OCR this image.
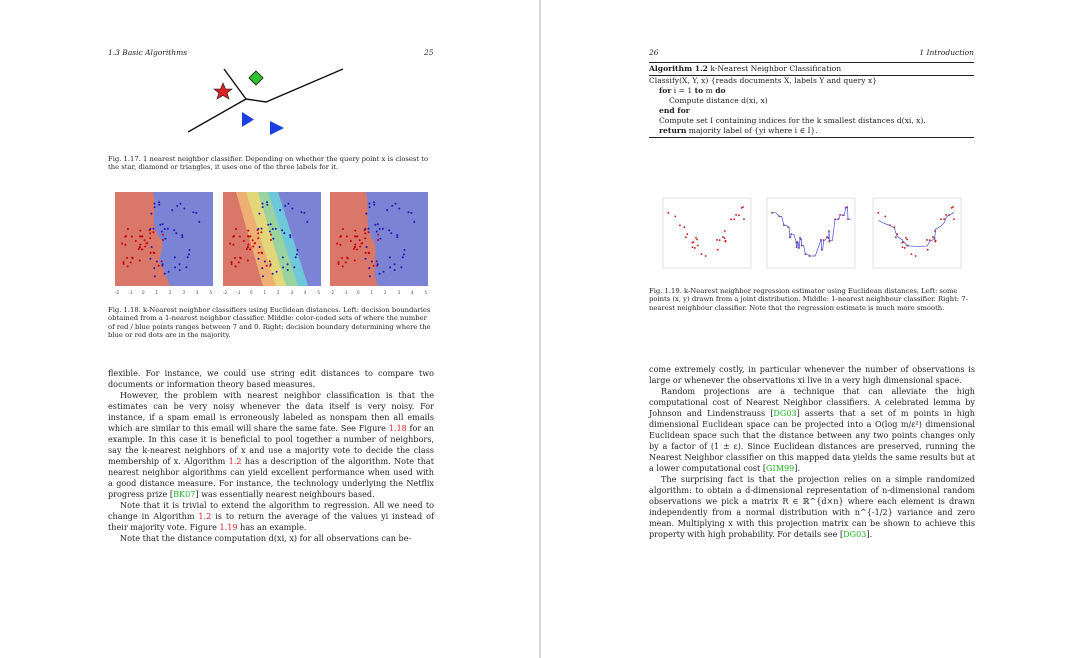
1.3 Basic Algorithms	25
Fig. 1.17. 1 nearest neighbor classifier. Depending on whether the query point x is closest to the star, diamond or triangles, it uses one of the three labels for it.
-2 -1 0	1	2	3	4	5	-2 -1 0	1	2	3	4	5 -2 -1 0	1	2	3	4	5
Fig. 1.18. k-Nearest neighbor classifiers using Euclidean distances. Left: decision boundaries obtained from a 1-nearest neighbor classifier. Middle: color-coded sets of where the number of red / blue points ranges between 7 and 0. Right: decision boundary determining where the blue or red dots are in the majority.

flexible. For instance, we could use string edit distances to compare two documents or information theory based measures.

However, the problem with nearest neighbor classification is that the estimates can be very noisy whenever the data itself is very noisy. For instance, if a spam email is erroneously labeled as nonspam then all emails which are similar to this email will share the same fate. See Figure 1.18 for an example. In this case it is beneficial to pool together a number of neighbors, say the k-nearest neighbors of x and use a majority vote to decide the class membership of x. Algorithm 1.2 has a description of the algorithm. Note that nearest neighbor algorithms can yield excellent performance when used with a good distance measure. For instance, the technology underlying the Netflix progress prize [BK07] was essentially nearest neighbours based.

Note that it is trivial to extend the algorithm to regression. All we need to change in Algorithm 1.2 is to return the average of the values yi instead of their majority vote. Figure 1.19 has an example.

Note that the distance computation d(xi, x) for all observations can be-

26	1 Introduction
Algorithm 1.2 k-Nearest Neighbor Classification
Classify(X, Y, x) {reads documents X, labels Y and query x}
for i = 1 to m do
Compute distance d(xi, x)
end for
Compute set I containing indices for the k smallest distances d(xi, x).
return majority label of {yi where i ∈ I}.
Fig. 1.19. k-Nearest neighbor regression estimator using Euclidean distances. Left: some points (x, y) drawn from a joint distribution. Middle: 1-nearest neighbour classifier. Right: 7-nearest neighbour classifier. Note that the regression estimate is much more smooth.

come extremely costly, in particular whenever the number of observations is large or whenever the observations xi live in a very high dimensional space.

Random projections are a technique that can alleviate the high computational cost of Nearest Neighbor classifiers. A celebrated lemma by Johnson and Lindenstrauss [DG03] asserts that a set of m points in high dimensional Euclidean space can be projected into a O(log m/ε²) dimensional Euclidean space such that the distance between any two points changes only by a factor of (1 ± ε). Since Euclidean distances are preserved, running the Nearest Neighbor classifier on this mapped data yields the same results but at a lower computational cost [GIM99].

The surprising fact is that the projection relies on a simple randomized algorithm: to obtain a d-dimensional representation of n-dimensional random observations we pick a matrix R ∈ ℝ^{d×n} where each element is drawn independently from a normal distribution with n^{-1/2} variance and zero mean. Multiplying x with this projection matrix can be shown to achieve this property with high probability. For details see [DG03].
